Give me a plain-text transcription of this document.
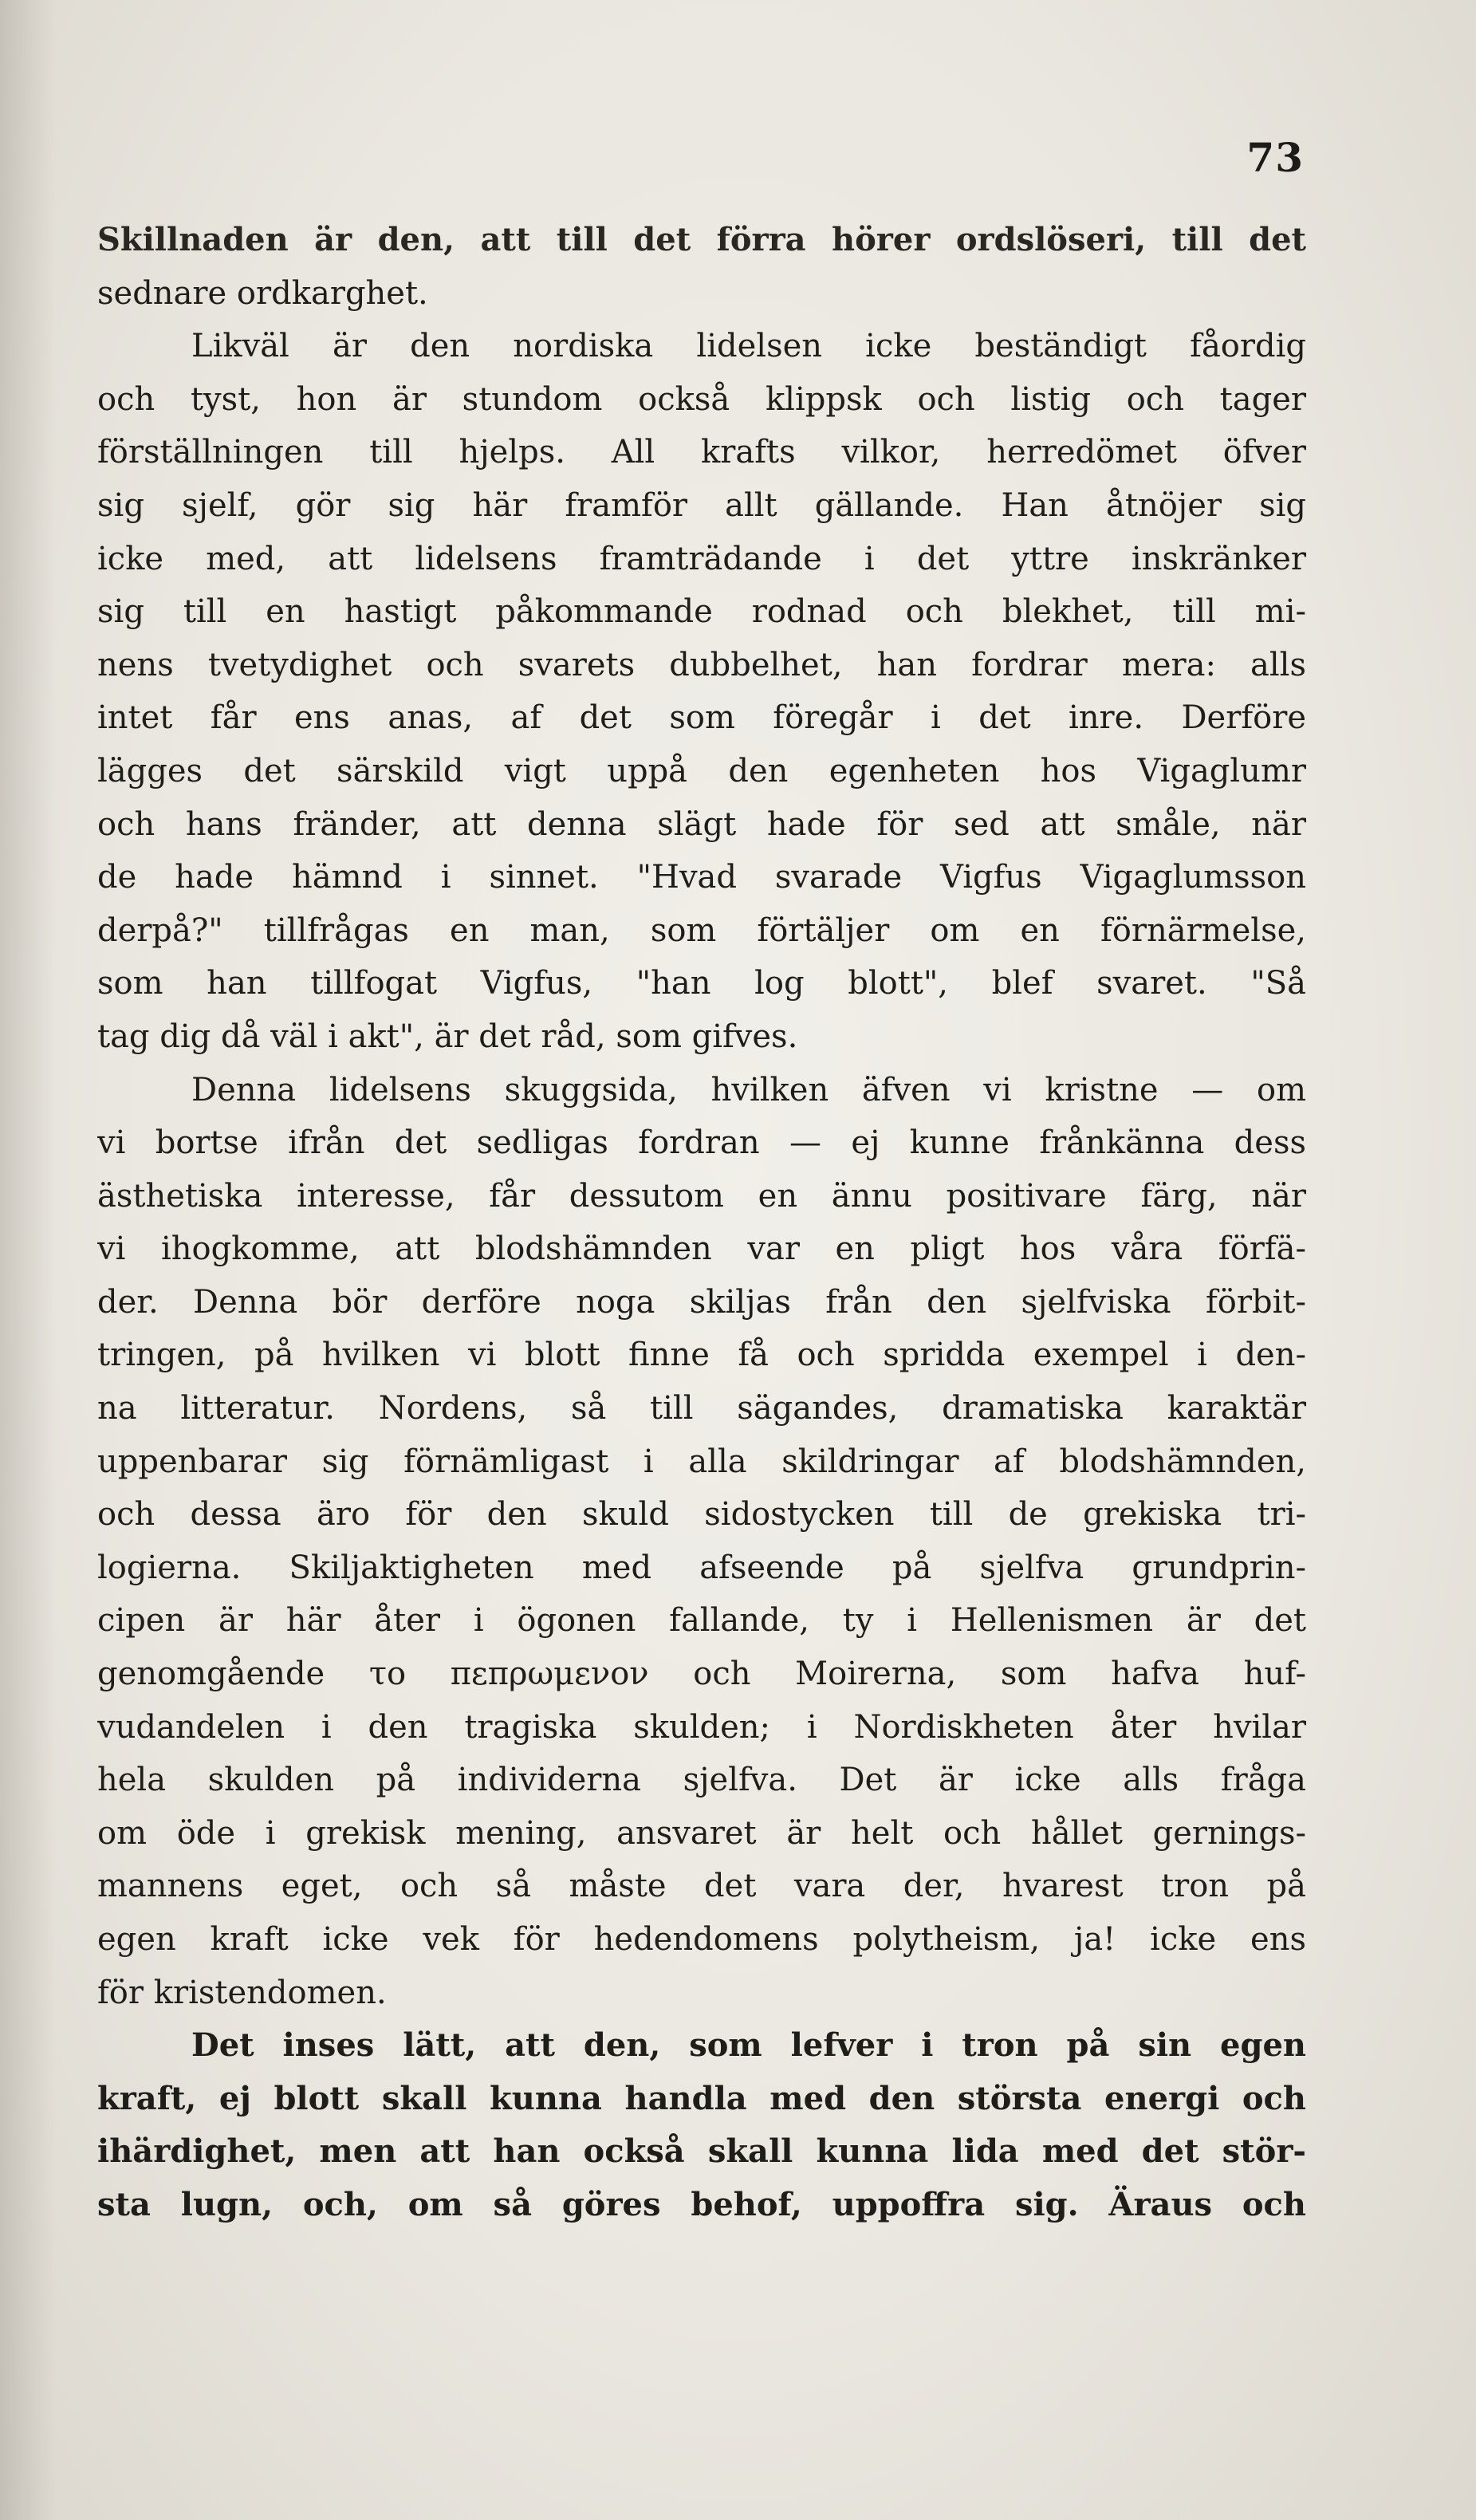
73
Skillnaden är den, att till det förra hörer ordslöseri, till det
sednare ordkarghet.
Likväl är den nordiska lidelsen icke beständigt fåordig
och tyst, hon är stundom också klippsk och listig och tager
förställningen till hjelps. All krafts vilkor, herredömet öfver
sig sjelf, gör sig här framför allt gällande. Han åtnöjer sig
icke med, att lidelsens framträdande i det yttre inskränker
sig till en hastigt påkommande rodnad och blekhet, till mi-
nens tvetydighet och svarets dubbelhet, han fordrar mera: alls
intet får ens anas, af det som föregår i det inre. Derföre
lägges det särskild vigt uppå den egenheten hos Vigaglumr
och hans fränder, att denna slägt hade för sed att småle, när
de hade hämnd i sinnet. "Hvad svarade Vigfus Vigaglumsson
derpå?" tillfrågas en man, som förtäljer om en förnärmelse,
som han tillfogat Vigfus, "han log blott", blef svaret. "Så
tag dig då väl i akt", är det råd, som gifves.
Denna lidelsens skuggsida, hvilken äfven vi kristne — om
vi bortse ifrån det sedligas fordran — ej kunne frånkänna dess
ästhetiska interesse, får dessutom en ännu positivare färg, när
vi ihogkomme, att blodshämnden var en pligt hos våra förfä-
der. Denna bör derföre noga skiljas från den sjelfviska förbit-
tringen, på hvilken vi blott finne få och spridda exempel i den-
na litteratur. Nordens, så till sägandes, dramatiska karaktär
uppenbarar sig förnämligast i alla skildringar af blodshämnden,
och dessa äro för den skuld sidostycken till de grekiska tri-
logierna. Skiljaktigheten med afseende på sjelfva grundprin-
cipen är här åter i ögonen fallande, ty i Hellenismen är det
genomgående το πεπρωμενον och Moirerna, som hafva huf-
vudandelen i den tragiska skulden; i Nordiskheten åter hvilar
hela skulden på individerna sjelfva. Det är icke alls fråga
om öde i grekisk mening, ansvaret är helt och hållet gernings-
mannens eget, och så måste det vara der, hvarest tron på
egen kraft icke vek för hedendomens polytheism, ja! icke ens
för kristendomen.
Det inses lätt, att den, som lefver i tron på sin egen
kraft, ej blott skall kunna handla med den största energi och
ihärdighet, men att han också skall kunna lida med det stör-
sta lugn, och, om så göres behof, uppoffra sig. Äraus och
